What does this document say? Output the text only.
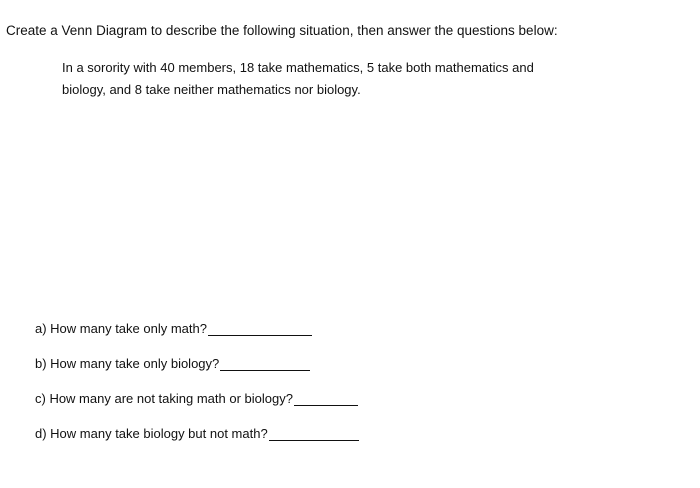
Create a Venn Diagram to describe the following situation, then answer the questions below:
In a sorority with 40 members, 18 take mathematics, 5 take both mathematics and
biology, and 8 take neither mathematics nor biology.
a) How many take only math?
b) How many take only biology?
c) How many are not taking math or biology?
d) How many take biology but not math?
